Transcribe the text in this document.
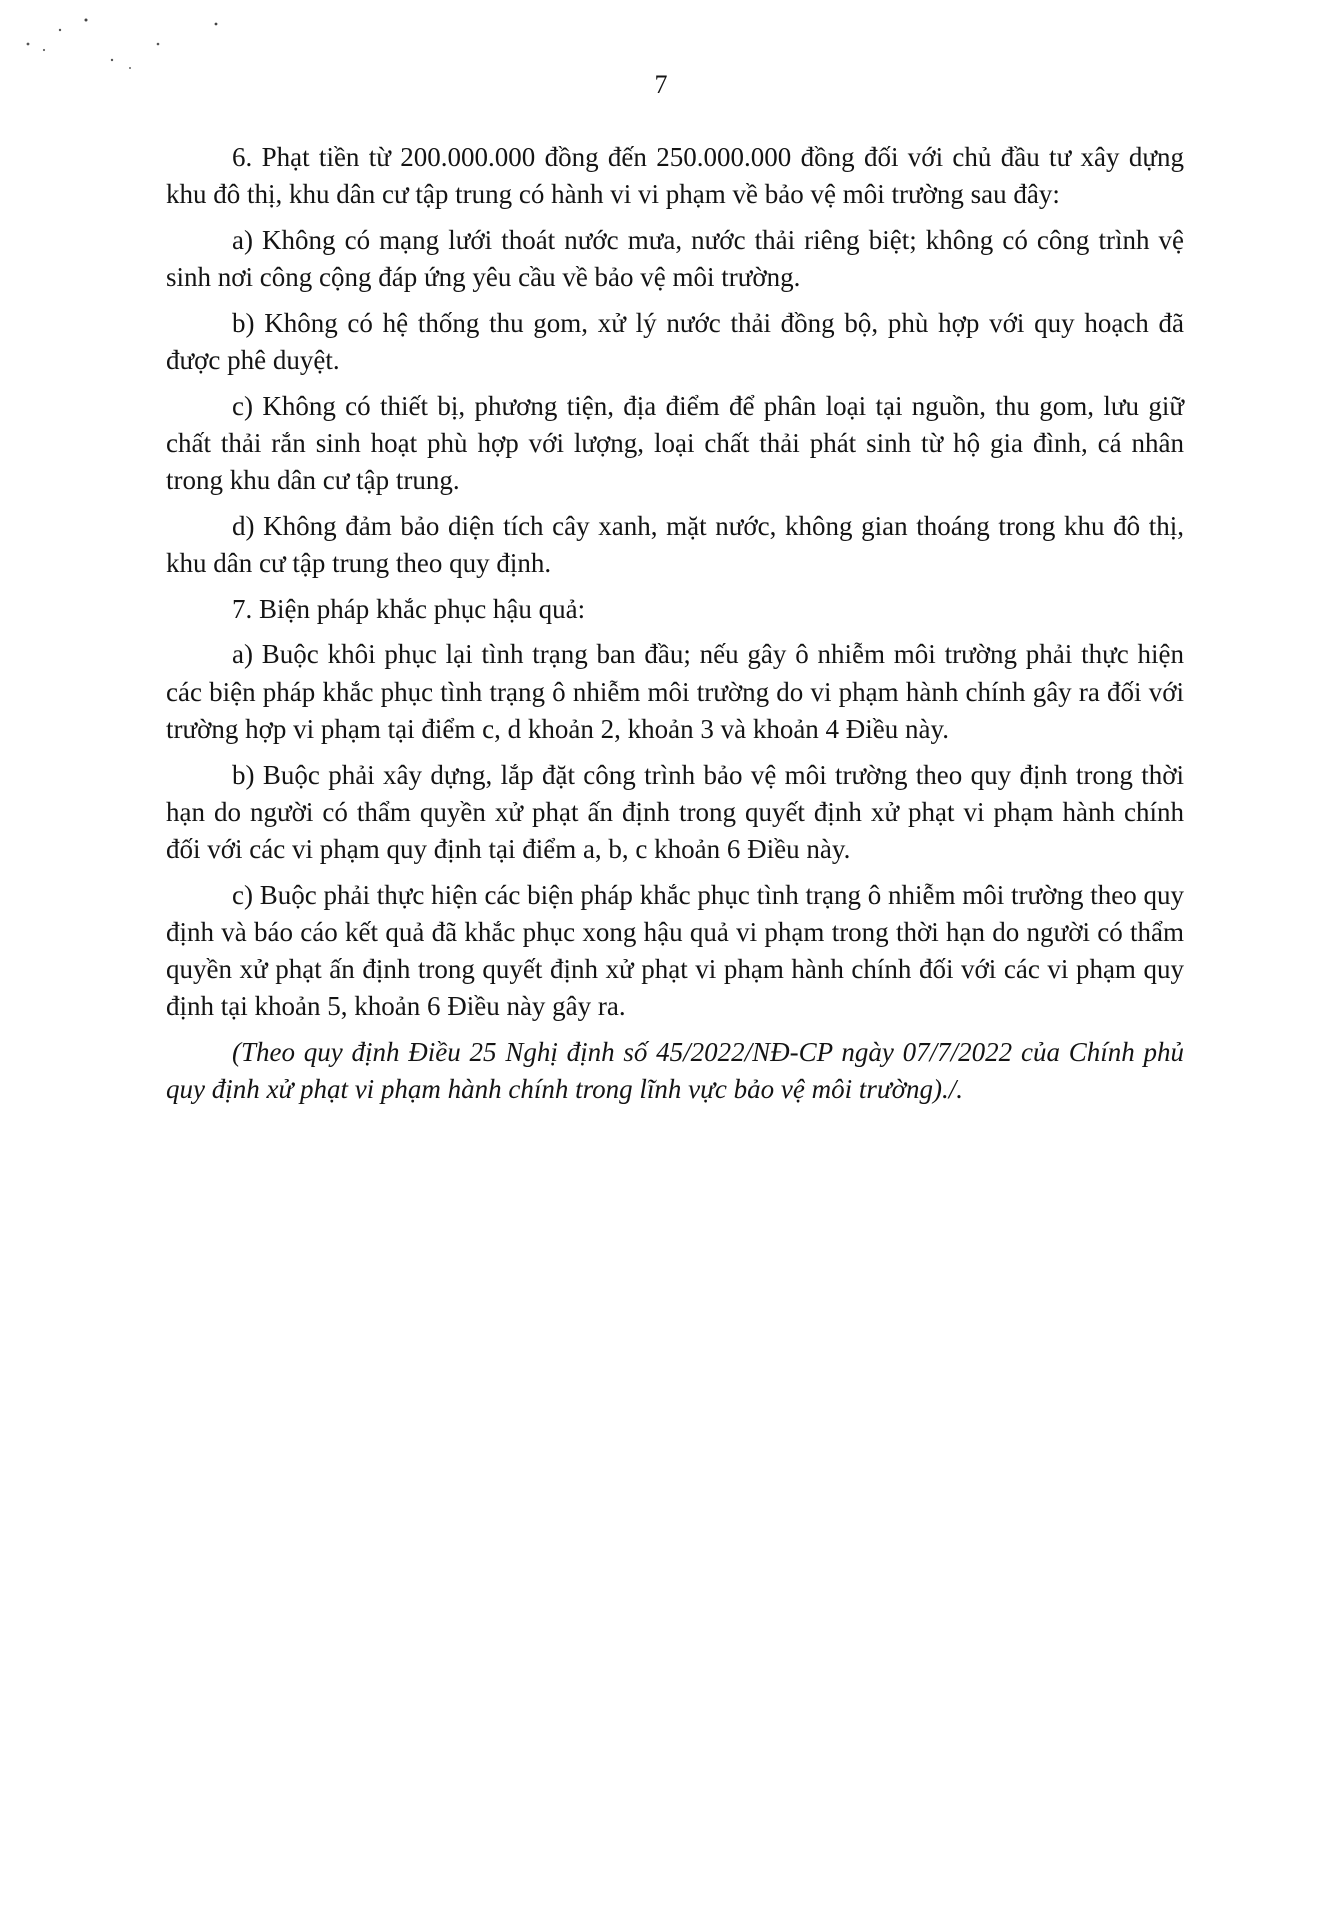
7

6. Phạt tiền từ 200.000.000 đồng đến 250.000.000 đồng đối với chủ đầu tư xây dựng khu đô thị, khu dân cư tập trung có hành vi vi phạm về bảo vệ môi trường sau đây:

a) Không có mạng lưới thoát nước mưa, nước thải riêng biệt; không có công trình vệ sinh nơi công cộng đáp ứng yêu cầu về bảo vệ môi trường.

b) Không có hệ thống thu gom, xử lý nước thải đồng bộ, phù hợp với quy hoạch đã được phê duyệt.

c) Không có thiết bị, phương tiện, địa điểm để phân loại tại nguồn, thu gom, lưu giữ chất thải rắn sinh hoạt phù hợp với lượng, loại chất thải phát sinh từ hộ gia đình, cá nhân trong khu dân cư tập trung.

d) Không đảm bảo diện tích cây xanh, mặt nước, không gian thoáng trong khu đô thị, khu dân cư tập trung theo quy định.

7. Biện pháp khắc phục hậu quả:

a) Buộc khôi phục lại tình trạng ban đầu; nếu gây ô nhiễm môi trường phải thực hiện các biện pháp khắc phục tình trạng ô nhiễm môi trường do vi phạm hành chính gây ra đối với trường hợp vi phạm tại điểm c, d khoản 2, khoản 3 và khoản 4 Điều này.

b) Buộc phải xây dựng, lắp đặt công trình bảo vệ môi trường theo quy định trong thời hạn do người có thẩm quyền xử phạt ấn định trong quyết định xử phạt vi phạm hành chính đối với các vi phạm quy định tại điểm a, b, c khoản 6 Điều này.

c) Buộc phải thực hiện các biện pháp khắc phục tình trạng ô nhiễm môi trường theo quy định và báo cáo kết quả đã khắc phục xong hậu quả vi phạm trong thời hạn do người có thẩm quyền xử phạt ấn định trong quyết định xử phạt vi phạm hành chính đối với các vi phạm quy định tại khoản 5, khoản 6 Điều này gây ra.

(Theo quy định Điều 25 Nghị định số 45/2022/NĐ-CP ngày 07/7/2022 của Chính phủ quy định xử phạt vi phạm hành chính trong lĩnh vực bảo vệ môi trường)./.
